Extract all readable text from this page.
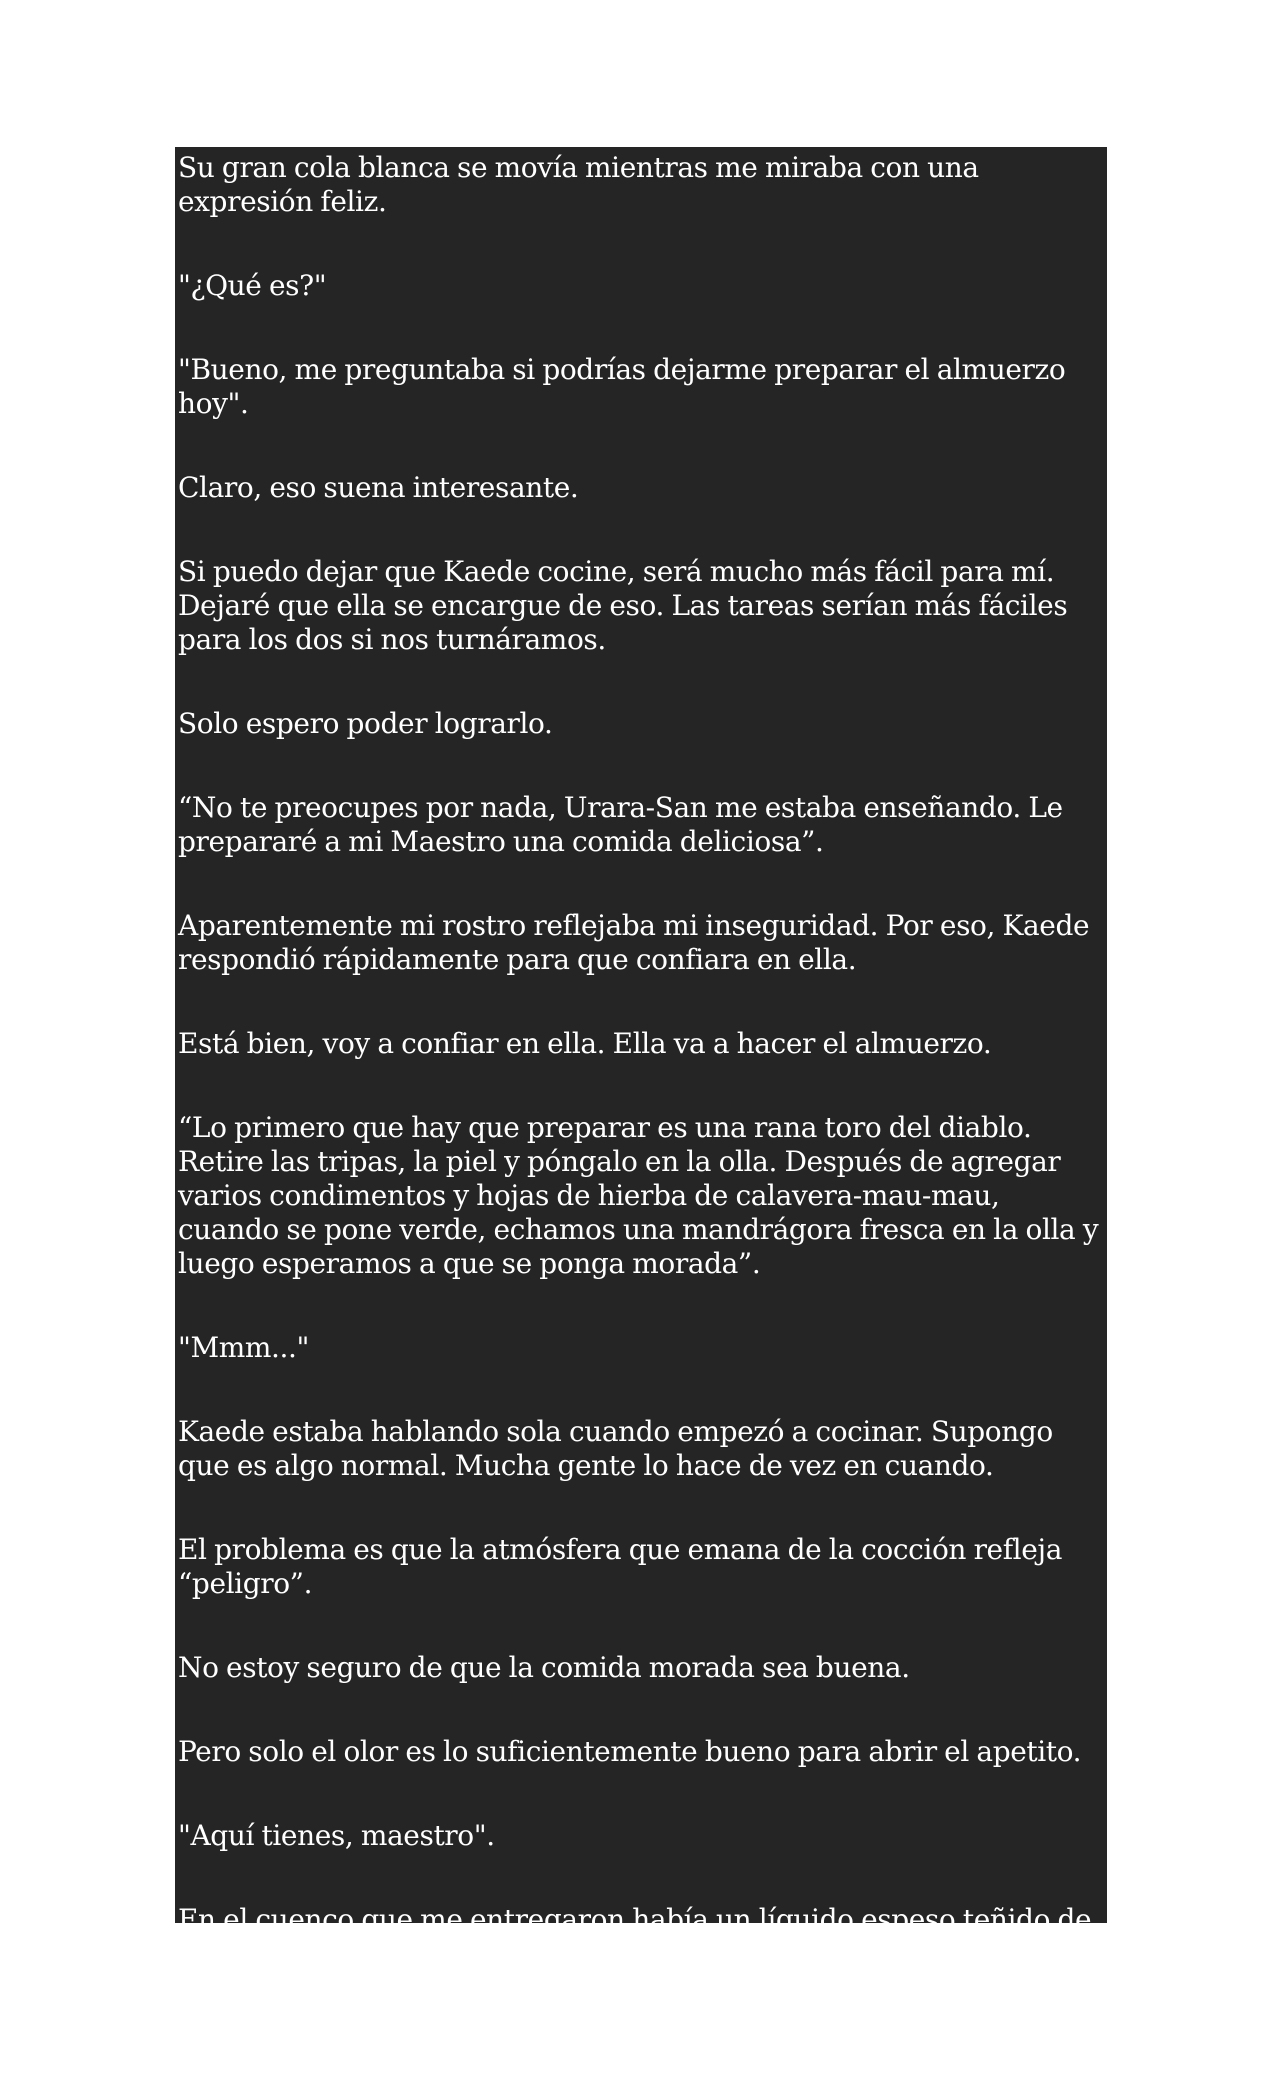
Su gran cola blanca se movía mientras me miraba con una expresión feliz.

"¿Qué es?"

"Bueno, me preguntaba si podrías dejarme preparar el almuerzo hoy".

Claro, eso suena interesante.

Si puedo dejar que Kaede cocine, será mucho más fácil para mí. Dejaré que ella se encargue de eso. Las tareas serían más fáciles para los dos si nos turnáramos.

Solo espero poder lograrlo.

“No te preocupes por nada, Urara-San me estaba enseñando. Le prepararé a mi Maestro una comida deliciosa”.

Aparentemente mi rostro reflejaba mi inseguridad. Por eso, Kaede respondió rápidamente para que confiara en ella.

Está bien, voy a confiar en ella. Ella va a hacer el almuerzo.

“Lo primero que hay que preparar es una rana toro del diablo. Retire las tripas, la piel y póngalo en la olla. Después de agregar varios condimentos y hojas de hierba de calavera-mau-mau, cuando se pone verde, echamos una mandrágora fresca en la olla y luego esperamos a que se ponga morada”.

"Mmm..."

Kaede estaba hablando sola cuando empezó a cocinar. Supongo que es algo normal. Mucha gente lo hace de vez en cuando.

El problema es que la atmósfera que emana de la cocción refleja “peligro”.

No estoy seguro de que la comida morada sea buena.

Pero solo el olor es lo suficientemente bueno para abrir el apetito.

"Aquí tienes, maestro".

En el cuenco que me entregaron había un líquido espeso teñido de púrpura.
